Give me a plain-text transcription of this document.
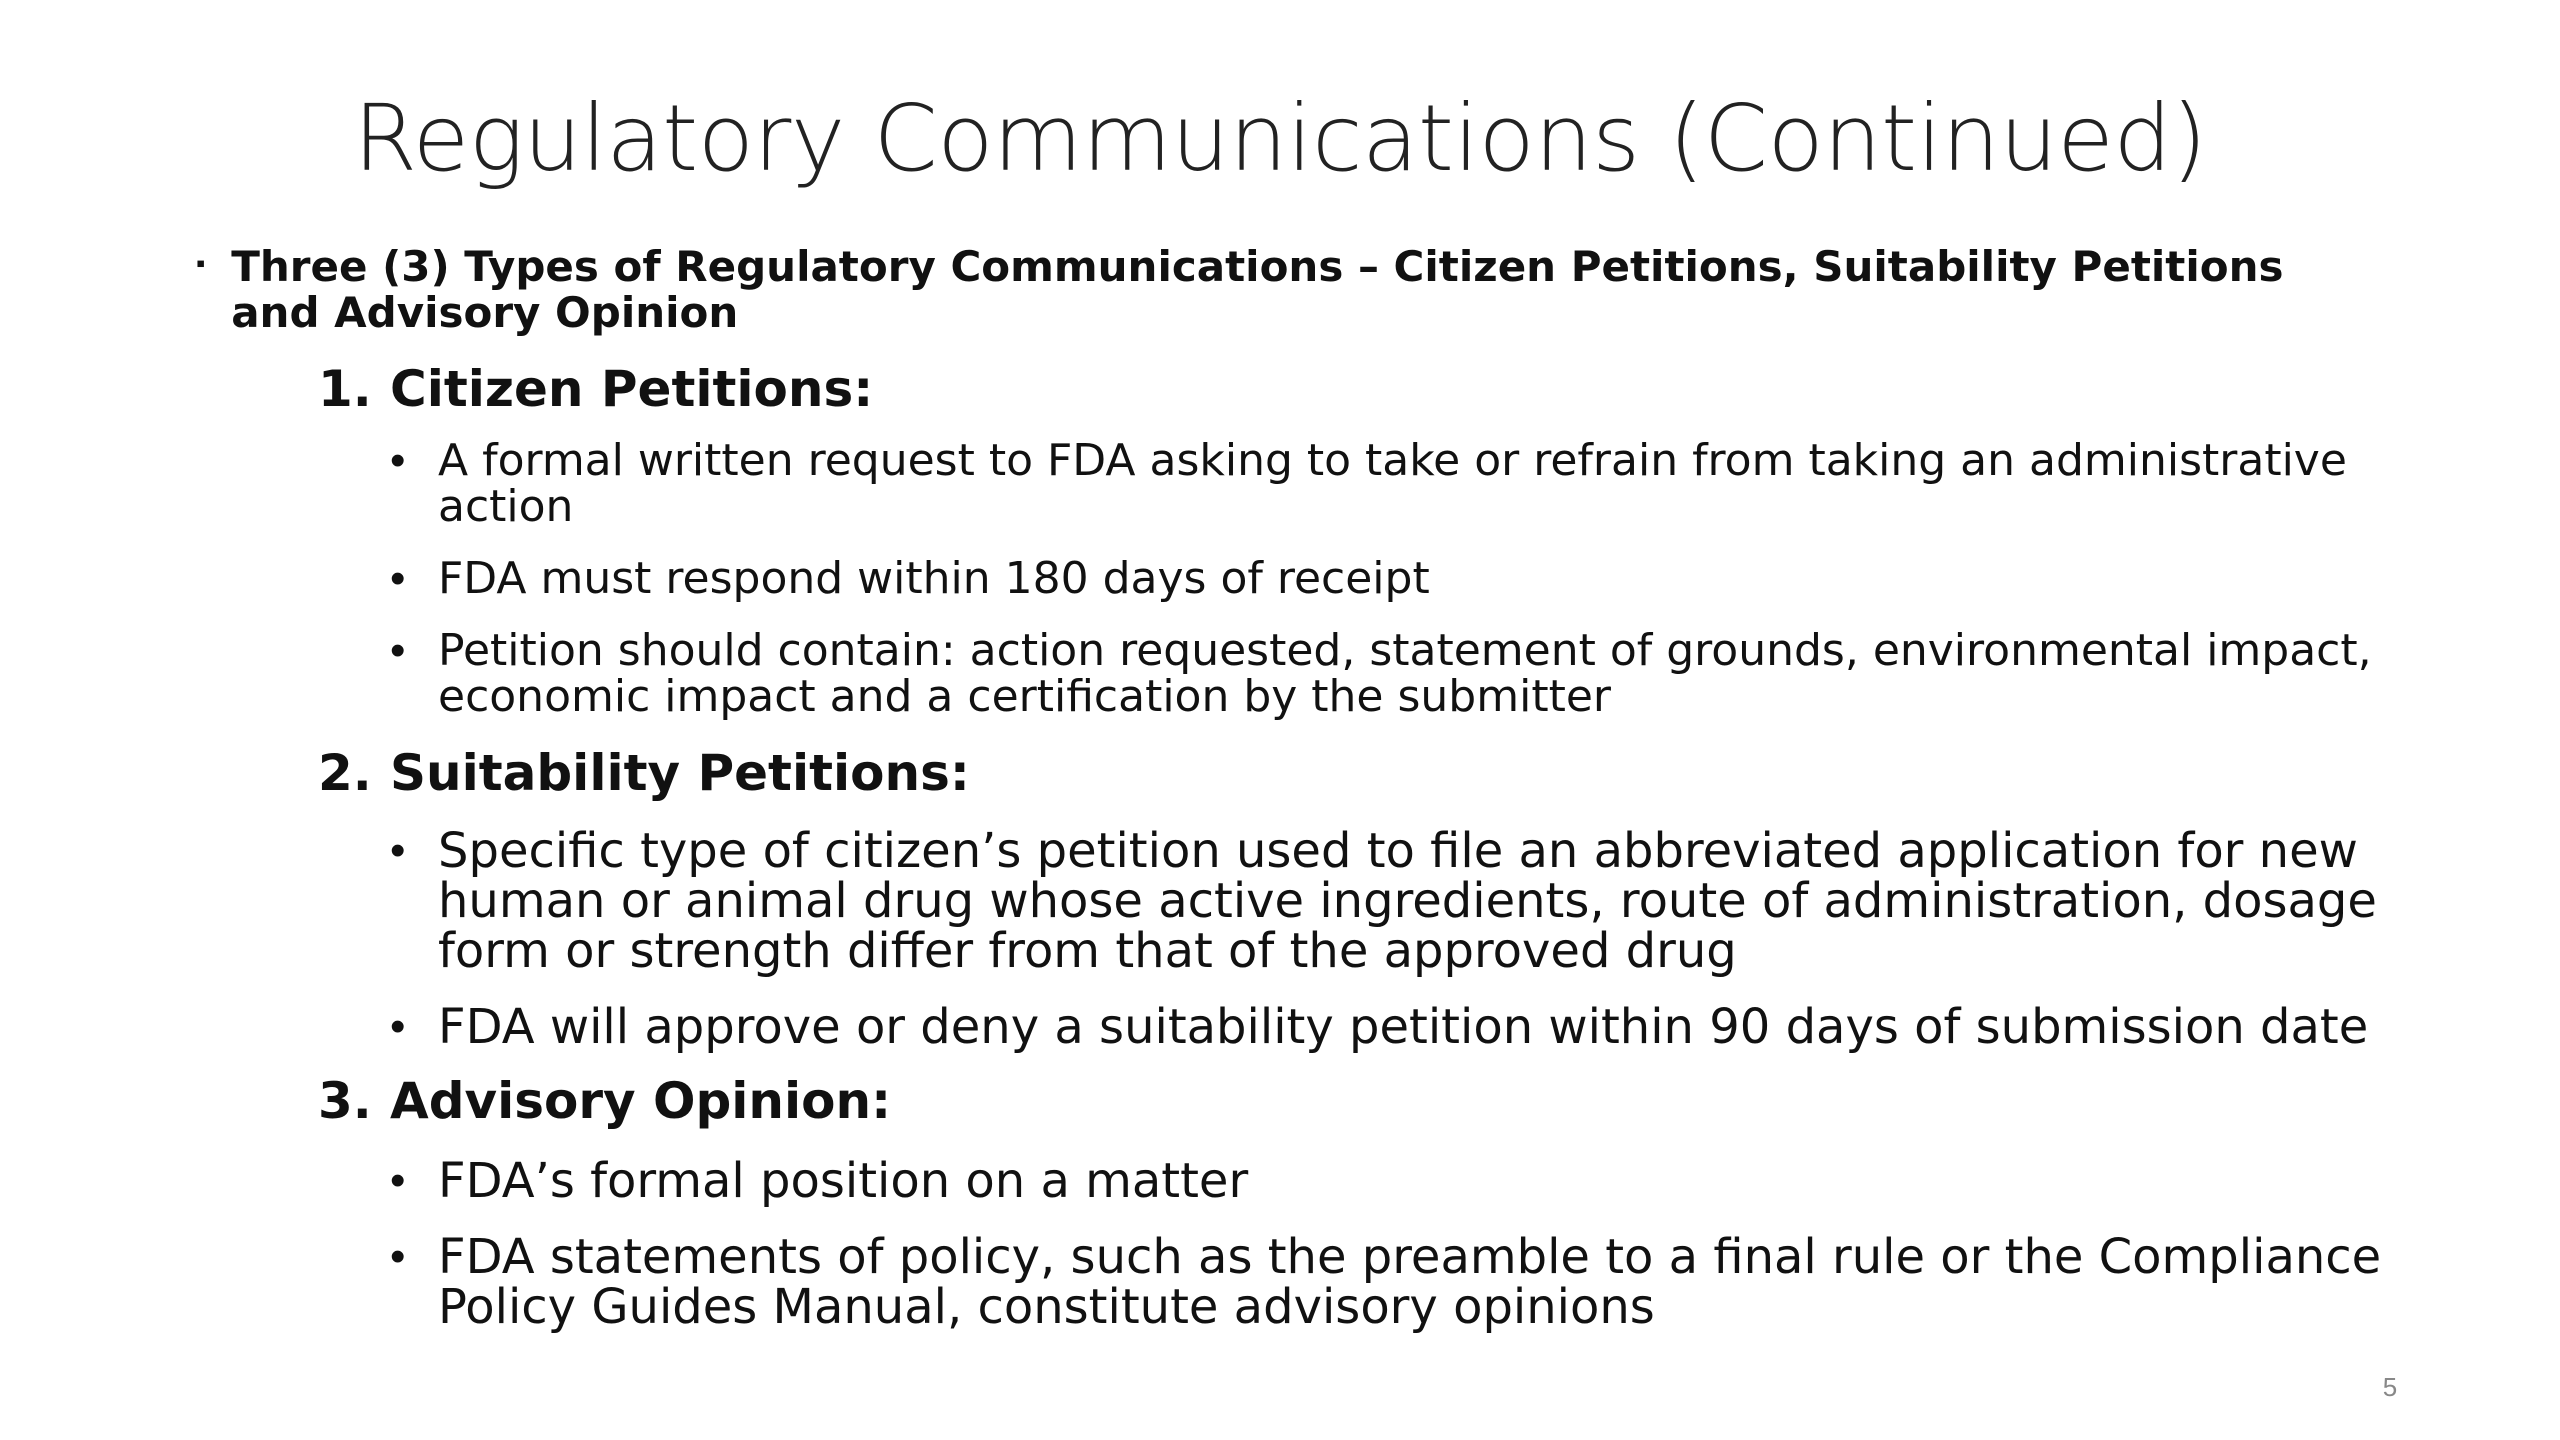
Regulatory Communications (Continued)
▪ Three (3) Types of Regulatory Communications – Citizen Petitions, Suitability Petitions and Advisory Opinion
1. Citizen Petitions:
• A formal written request to FDA asking to take or refrain from taking an administrative action
• FDA must respond within 180 days of receipt
• Petition should contain: action requested, statement of grounds, environmental impact, economic impact and a certification by the submitter
2. Suitability Petitions:
• Specific type of citizen’s petition used to file an abbreviated application for new human or animal drug whose active ingredients, route of administration, dosage form or strength differ from that of the approved drug
• FDA will approve or deny a suitability petition within 90 days of submission date
3. Advisory Opinion:
• FDA’s formal position on a matter
• FDA statements of policy, such as the preamble to a final rule or the Compliance Policy Guides Manual, constitute advisory opinions
5
